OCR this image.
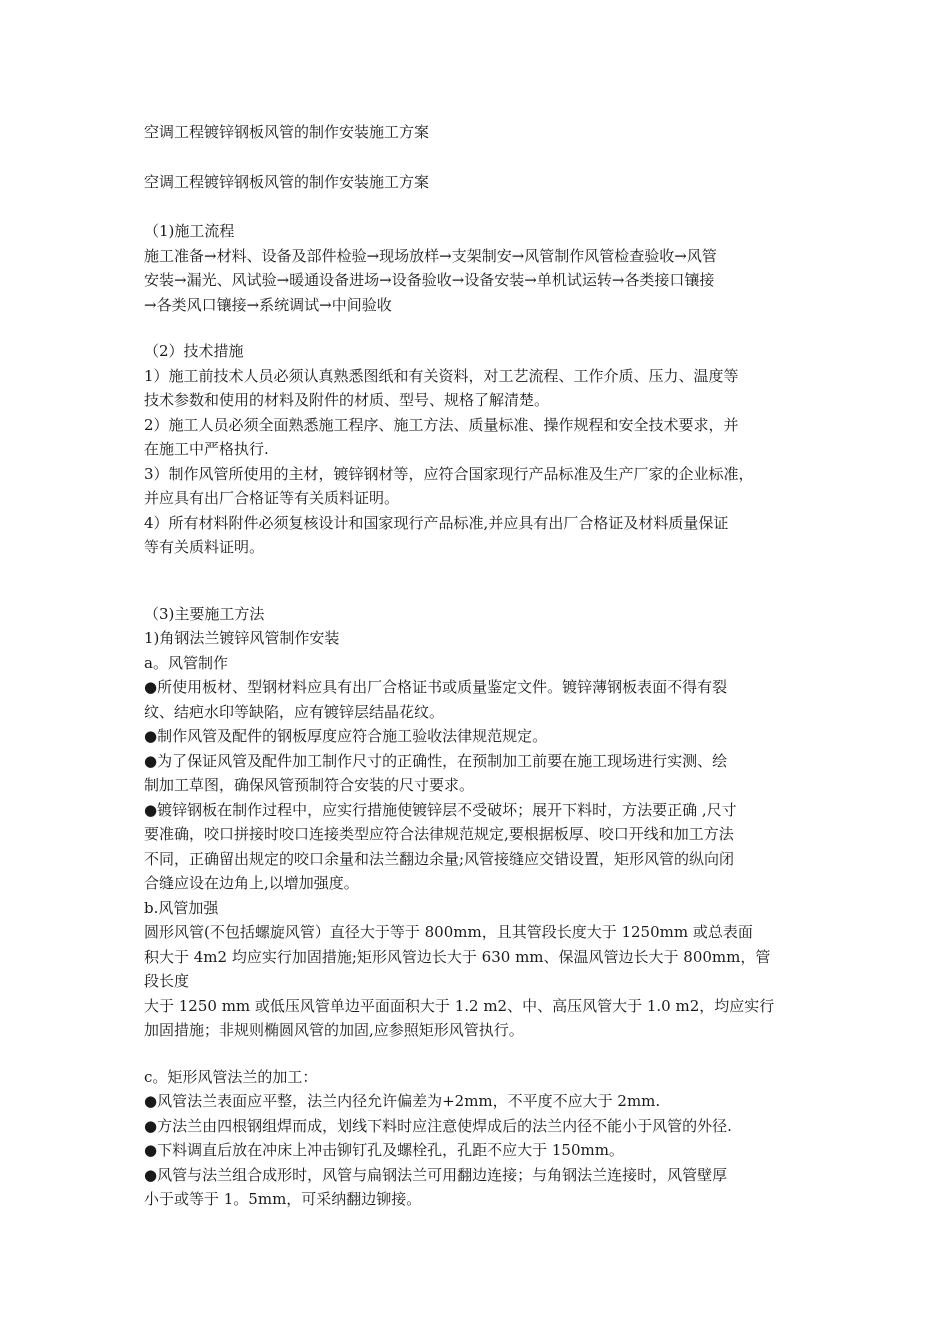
空调工程镀锌钢板风管的制作安装施工方案

空调工程镀锌钢板风管的制作安装施工方案

（1)施工流程

施工准备→材料、设备及部件检验→现场放样→支架制安→风管制作风管检查验收→风管

安装→漏光、风试验→暖通设备进场→设备验收→设备安装→单机试运转→各类接口镶接

→各类风口镶接→系统调试→中间验收

（2）技术措施

1）施工前技术人员必须认真熟悉图纸和有关资料，对工艺流程、工作介质、压力、温度等

技术参数和使用的材料及附件的材质、型号、规格了解清楚。

2）施工人员必须全面熟悉施工程序、施工方法、质量标准、操作规程和安全技术要求，并

在施工中严格执行.

3）制作风管所使用的主材，镀锌钢材等，应符合国家现行产品标准及生产厂家的企业标准，

并应具有出厂合格证等有关质料证明。

4）所有材料附件必须复核设计和国家现行产品标准,并应具有出厂合格证及材料质量保证

等有关质料证明。

（3)主要施工方法

1)角钢法兰镀锌风管制作安装

a。风管制作

●所使用板材、型钢材料应具有出厂合格证书或质量鉴定文件。镀锌薄钢板表面不得有裂

纹、结疤水印等缺陷，应有镀锌层结晶花纹。

●制作风管及配件的钢板厚度应符合施工验收法律规范规定。

●为了保证风管及配件加工制作尺寸的正确性，在预制加工前要在施工现场进行实测、绘

制加工草图，确保风管预制符合安装的尺寸要求。

●镀锌钢板在制作过程中，应实行措施使镀锌层不受破坏；展开下料时，方法要正确 ,尺寸

要准确，咬口拼接时咬口连接类型应符合法律规范规定,要根据板厚、咬口开线和加工方法

不同，正确留出规定的咬口余量和法兰翻边余量;风管接缝应交错设置，矩形风管的纵向闭

合缝应设在边角上,以增加强度。

b.风管加强

圆形风管(不包括螺旋风管）直径大于等于 800mm，且其管段长度大于 1250mm 或总表面

积大于 4m2 均应实行加固措施;矩形风管边长大于 630 mm、保温风管边长大于 800mm，管

段长度

大于 1250 mm 或低压风管单边平面面积大于 1.2 m2、中、高压风管大于 1.0 m2，均应实行

加固措施；非规则椭圆风管的加固,应参照矩形风管执行。

c。矩形风管法兰的加工：

●风管法兰表面应平整，法兰内径允许偏差为+2mm，不平度不应大于 2mm.

●方法兰由四根钢组焊而成，划线下料时应注意使焊成后的法兰内径不能小于风管的外径.

●下料调直后放在冲床上冲击铆钉孔及螺栓孔，孔距不应大于 150mm。

●风管与法兰组合成形时，风管与扁钢法兰可用翻边连接；与角钢法兰连接时，风管壁厚

小于或等于 1。5mm，可采纳翻边铆接。
